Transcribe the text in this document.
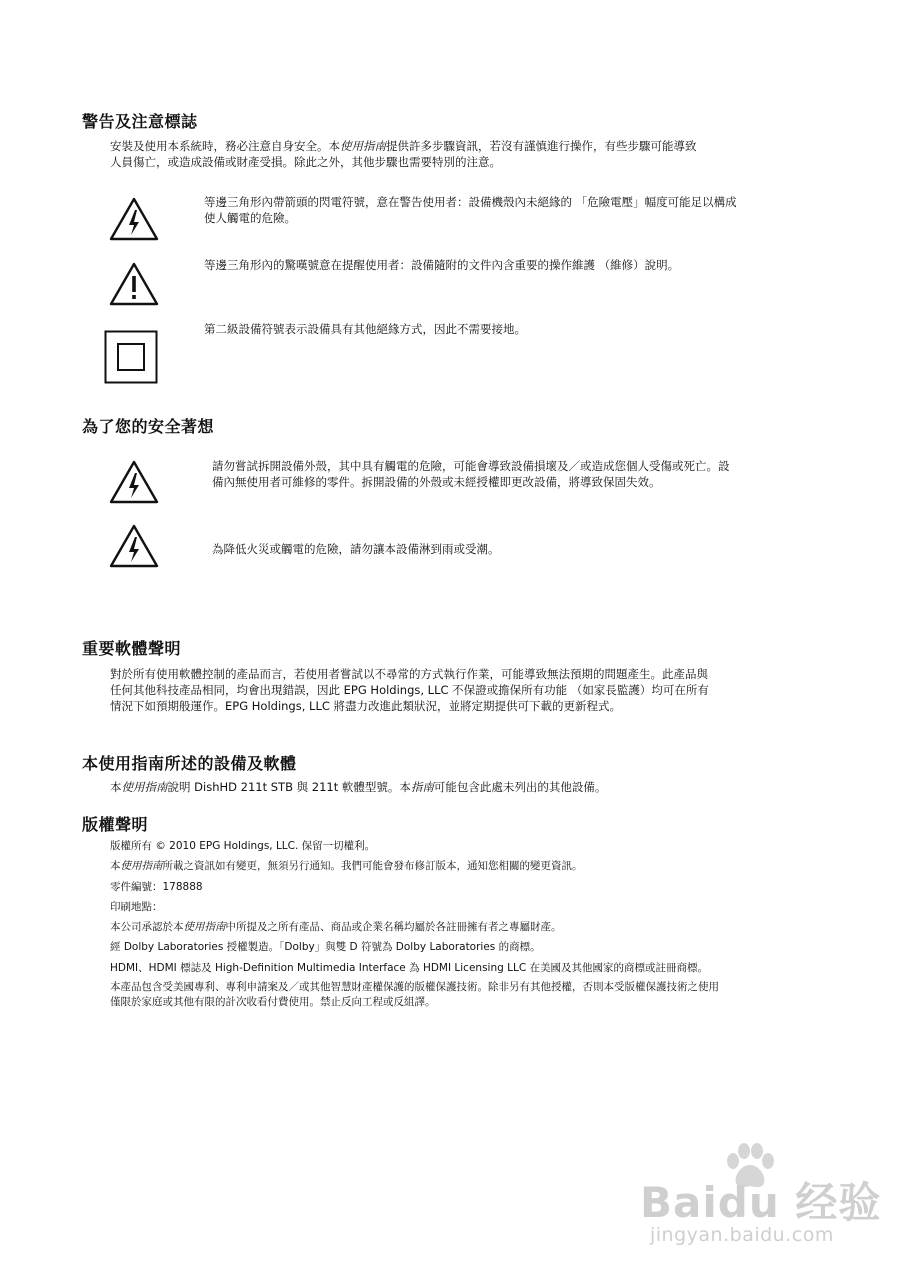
警告及注意標誌
安裝及使用本系統時，務必注意自身安全。本使用指南提供許多步驟資訊，若沒有謹慎進行操作，有些步驟可能導致
人員傷亡，或造成設備或財產受損。除此之外，其他步驟也需要特別的注意。
等邊三角形內帶箭頭的閃電符號，意在警告使用者：設備機殼內未絕緣的 「危險電壓」幅度可能足以構成
使人觸電的危險。
等邊三角形內的驚嘆號意在提醒使用者：設備隨附的文件內含重要的操作維護 （維修）說明。
第二級設備符號表示設備具有其他絕緣方式，因此不需要接地。
為了您的安全著想
請勿嘗試拆開設備外殼，其中具有觸電的危險，可能會導致設備損壞及／或造成您個人受傷或死亡。設
備內無使用者可維修的零件。拆開設備的外殼或未經授權即更改設備，將導致保固失效。
為降低火災或觸電的危險，請勿讓本設備淋到雨或受潮。
重要軟體聲明
對於所有使用軟體控制的產品而言，若使用者嘗試以不尋常的方式執行作業，可能導致無法預期的問題產生。此產品與
任何其他科技產品相同，均會出現錯誤，因此 EPG Holdings, LLC 不保證或擔保所有功能 （如家長監護）均可在所有
情況下如預期般運作。EPG Holdings, LLC 將盡力改進此類狀況，並將定期提供可下載的更新程式。
本使用指南所述的設備及軟體
本使用指南說明 DishHD 211t STB 與 211t 軟體型號。本指南可能包含此處未列出的其他設備。
版權聲明
版權所有 © 2010 EPG Holdings, LLC. 保留一切權利。
本使用指南所載之資訊如有變更，無須另行通知。我們可能會發布修訂版本，通知您相關的變更資訊。
零件編號：178888
印刷地點：
本公司承認於本使用指南中所提及之所有產品、商品或企業名稱均屬於各註冊擁有者之專屬財產。
經 Dolby Laboratories 授權製造。「Dolby」與雙 D 符號為 Dolby Laboratories 的商標。
HDMI、HDMI 標誌及 High-Definition Multimedia Interface 為 HDMI Licensing LLC 在美國及其他國家的商標或註冊商標。
本產品包含受美國專利、專利申請案及／或其他智慧財產權保護的版權保護技術。除非另有其他授權，否則本受版權保護技術之使用
僅限於家庭或其他有限的計次收看付費使用。禁止反向工程或反組譯。
Baidu 经验
jingyan.baidu.com
